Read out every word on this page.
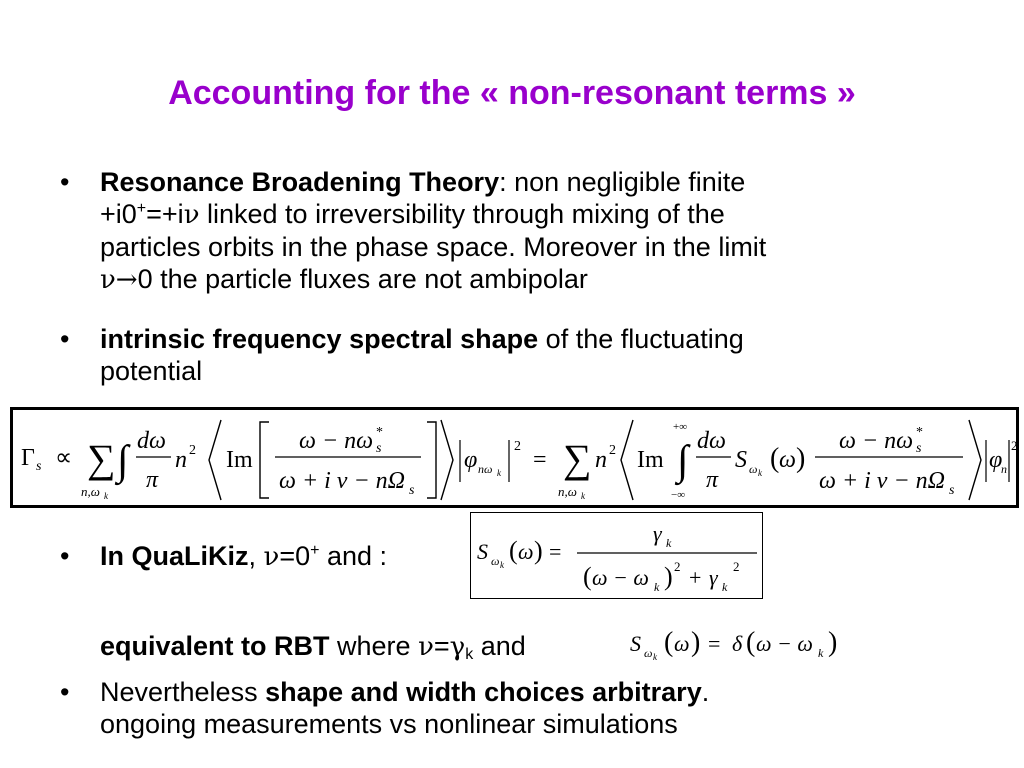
Accounting for the « non-resonant terms »
• Resonance Broadening Theory: non negligible finite
+i0+=+iν linked to irreversibility through mixing of the
particles orbits in the phase space. Moreover in the limit
ν→0 the particle fluxes are not ambipolar
• intrinsic frequency spectral shape of the fluctuating
potential
Γ s ∝ ∑
n,ω k
∫ dω
π
n 2 Im
ω − nω s
*
ω + i ν − nΩ s
φ nω k
2
= ∑
n,ω k
n 2 Im
+∞
∫
−∞
dω
π
S ω k ( ω )
ω − nω s
*
ω + i ν − nΩ s
φ
n
2
• In QuaLiKiz, ν=0+ and :	S ω k ( ω ) =
γ k
( ω − ω k ) 2 + γ k
2
equivalent to RBT where $\nu=\gamma_k$ and	S ω k ( ω ) = δ ( ω − ω k )
• Nevertheless shape and width choices arbitrary.
ongoing measurements vs nonlinear simulations
